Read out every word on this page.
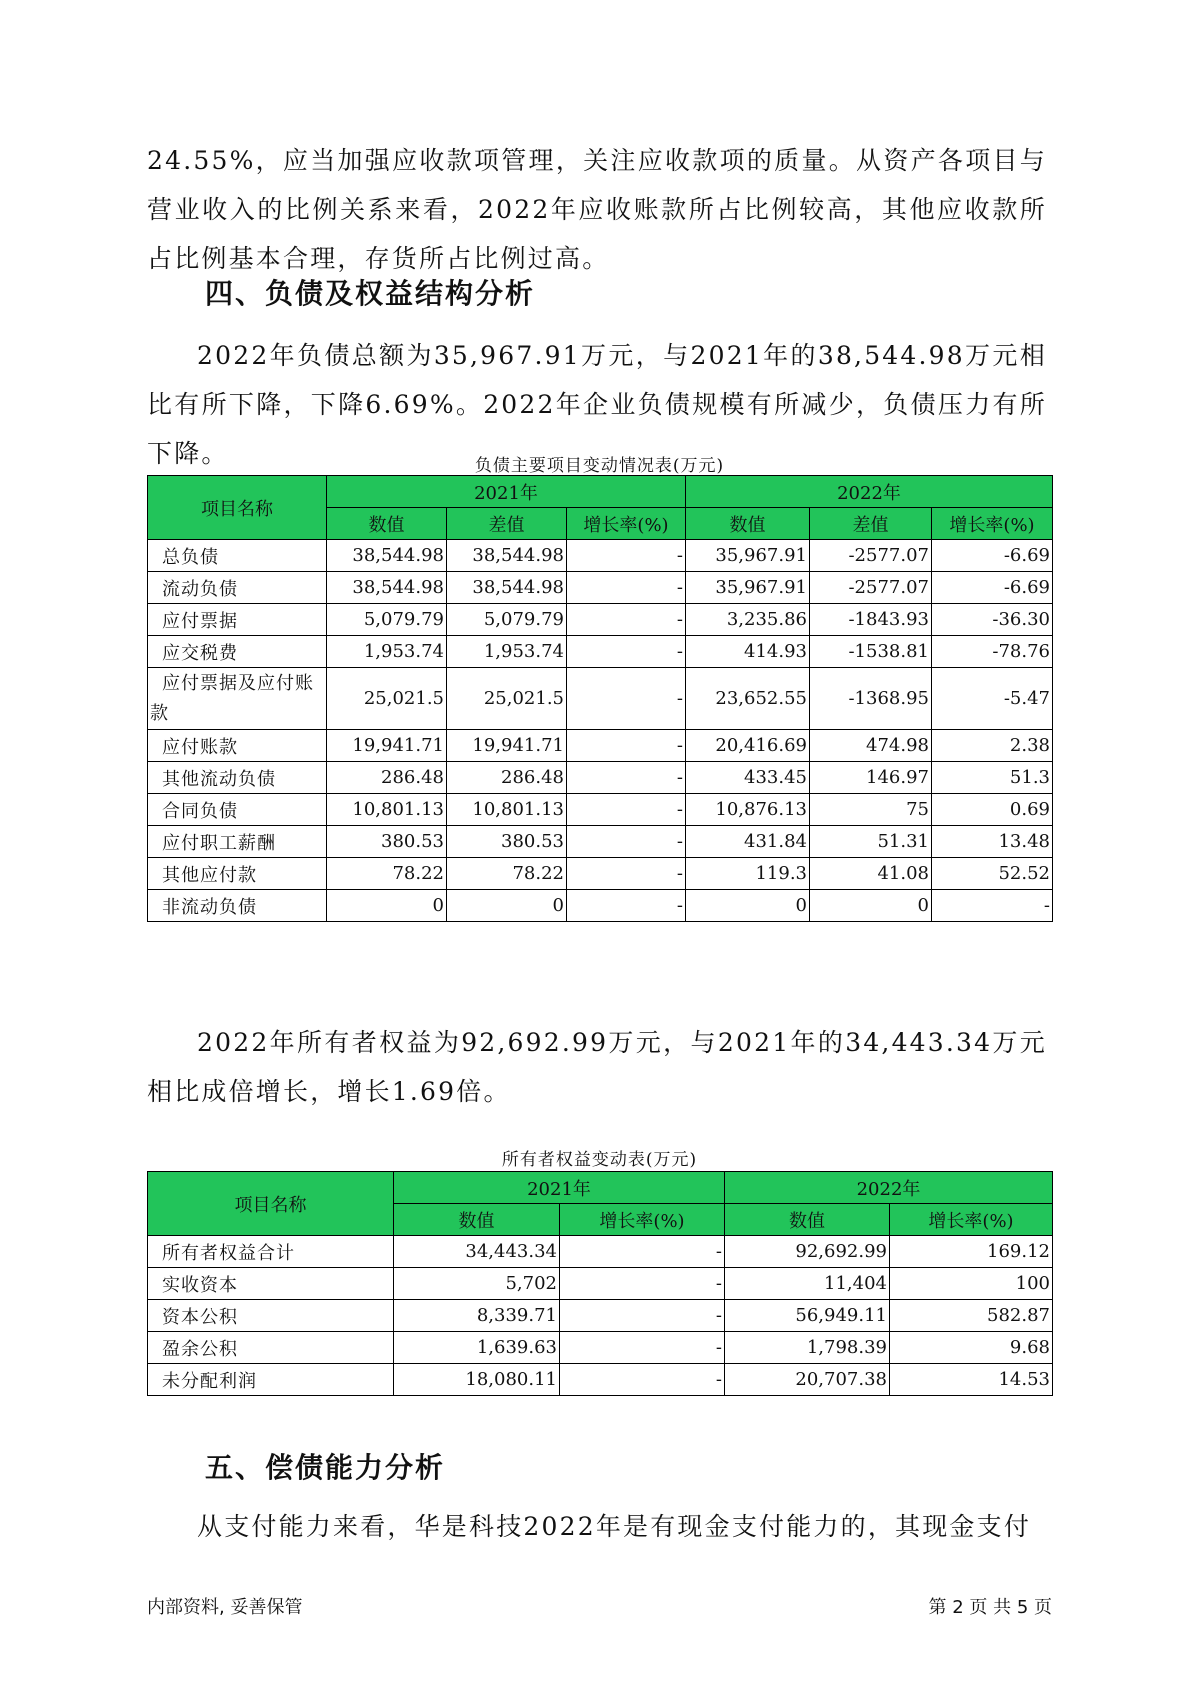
24.55%，应当加强应收款项管理，关注应收款项的质量。从资产各项目与营业收入的比例关系来看，2022年应收账款所占比例较高，其他应收款所占比例基本合理，存货所占比例过高。

四、负债及权益结构分析

2022年负债总额为35,967.91万元，与2021年的38,544.98万元相比有所下降，下降6.69%。2022年企业负债规模有所减少，负债压力有所下降。	负债主要项目变动情况表(万元)
项目名称	2021年			2022年		
	数值	差值	增长率(%)	数值	差值	增长率(%)
总负债	38,544.98	38,544.98	-	35,967.91	-2577.07	-6.69
流动负债	38,544.98	38,544.98	-	35,967.91	-2577.07	-6.69
应付票据	5,079.79	5,079.79	-	3,235.86	-1843.93	-36.30
应交税费	1,953.74	1,953.74	-	414.93	-1538.81	-78.76
应付票据及应付账款	25,021.5	25,021.5	-	23,652.55	-1368.95	-5.47
应付账款	19,941.71	19,941.71	-	20,416.69	474.98	2.38
其他流动负债	286.48	286.48	-	433.45	146.97	51.3
合同负债	10,801.13	10,801.13	-	10,876.13	75	0.69
应付职工薪酬	380.53	380.53	-	431.84	51.31	13.48
其他应付款	78.22	78.22	-	119.3	41.08	52.52
非流动负债	0	0	-	0	0	-

2022年所有者权益为92,692.99万元，与2021年的34,443.34万元相比成倍增长，增长1.69倍。

所有者权益变动表(万元)
项目名称	2021年		2022年	
	数值	增长率(%)	数值	增长率(%)
所有者权益合计	34,443.34	-	92,692.99	169.12
实收资本	5,702	-	11,404	100
资本公积	8,339.71	-	56,949.11	582.87
盈余公积	1,639.63	-	1,798.39	9.68
未分配利润	18,080.11	-	20,707.38	14.53
五、偿债能力分析

从支付能力来看，华是科技2022年是有现金支付能力的，其现金支付

内部资料, 妥善保管	第 2 页 共 5 页
